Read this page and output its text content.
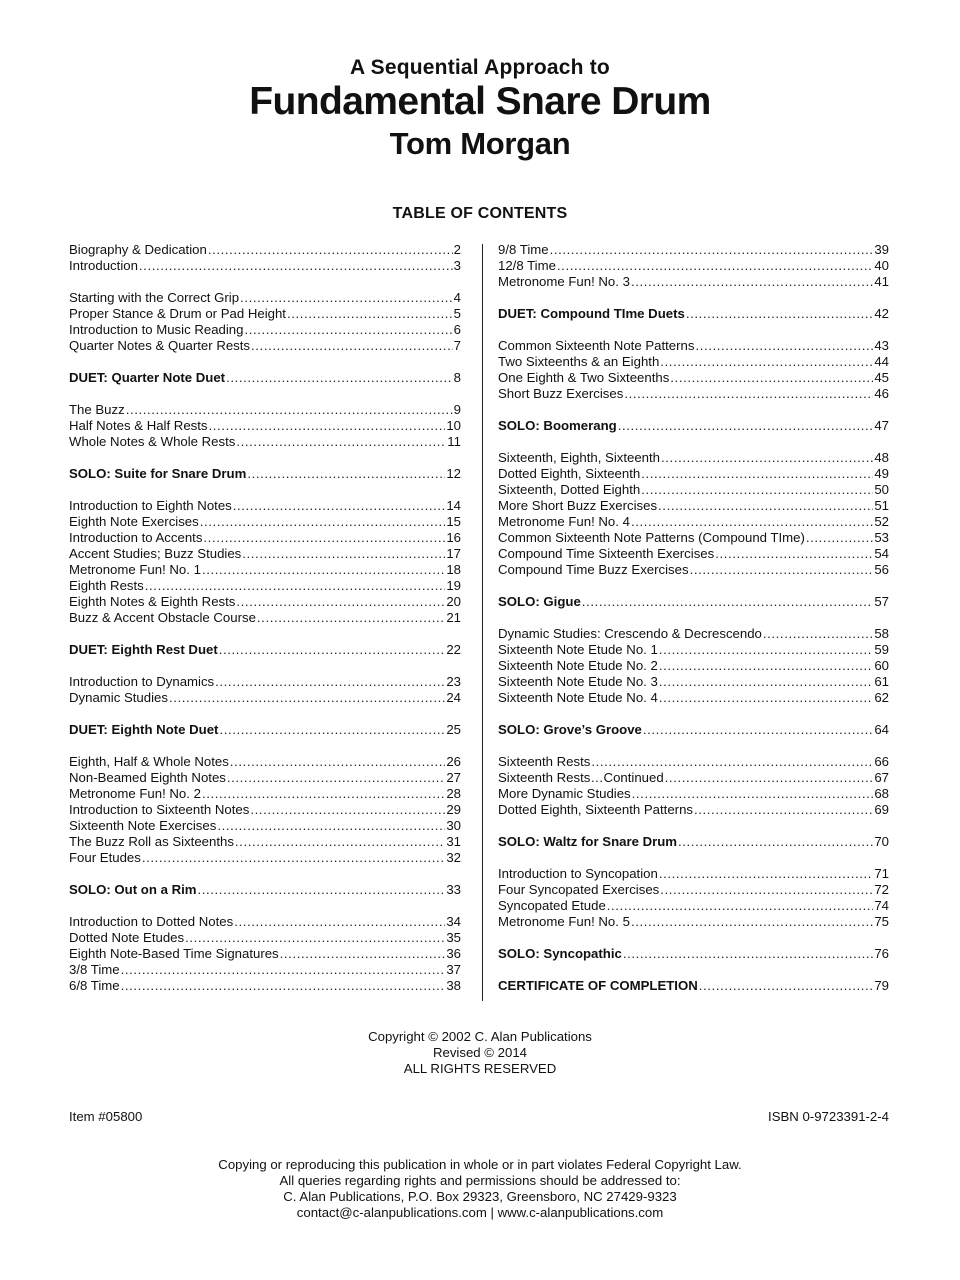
A Sequential Approach to
Fundamental Snare Drum
Tom Morgan
TABLE OF CONTENTS
Biography & Dedication .....	2
Introduction .....	3
Starting with the Correct Grip .....	4
Proper Stance & Drum or Pad Height .....	5
Introduction to Music Reading .....	6
Quarter Notes & Quarter Rests .....	7
DUET: Quarter Note Duet .....	8
The Buzz .....	9
Half Notes & Half Rests .....	10
Whole Notes & Whole Rests .....	11
SOLO: Suite for Snare Drum .....	12
Introduction to Eighth Notes .....	14
Eighth Note Exercises .....	15
Introduction to Accents .....	16
Accent Studies; Buzz Studies .....	17
Metronome Fun! No. 1 .....	18
Eighth Rests .....	19
Eighth Notes & Eighth Rests .....	20
Buzz & Accent Obstacle Course .....	21
DUET: Eighth Rest Duet .....	22
Introduction to Dynamics .....	23
Dynamic Studies .....	24
DUET: Eighth Note Duet .....	25
Eighth, Half & Whole Notes .....	26
Non-Beamed Eighth Notes .....	27
Metronome Fun! No. 2 .....	28
Introduction to Sixteenth Notes .....	29
Sixteenth Note Exercises .....	30
The Buzz Roll as Sixteenths .....	31
Four Etudes .....	32
SOLO: Out on a Rim .....	33
Introduction to Dotted Notes .....	34
Dotted Note Etudes .....	35
Eighth Note-Based Time Signatures .....	36
3/8 Time .....	37
6/8 Time .....	38
9/8 Time .....	39
12/8 Time .....	40
Metronome Fun! No. 3 .....	41
DUET: Compound TIme Duets .....	42
Common Sixteenth Note Patterns .....	43
Two Sixteenths & an Eighth .....	44
One Eighth & Two Sixteenths .....	45
Short Buzz Exercises .....	46
SOLO: Boomerang .....	47
Sixteenth, Eighth, Sixteenth .....	48
Dotted Eighth, Sixteenth .....	49
Sixteenth, Dotted Eighth .....	50
More Short Buzz Exercises .....	51
Metronome Fun! No. 4 .....	52
Common Sixteenth Note Patterns (Compound TIme) .....	53
Compound Time Sixteenth Exercises .....	54
Compound Time Buzz Exercises .....	56
SOLO: Gigue .....	57
Dynamic Studies: Crescendo & Decrescendo .....	58
Sixteenth Note Etude No. 1 .....	59
Sixteenth Note Etude No. 2 .....	60
Sixteenth Note Etude No. 3 .....	61
Sixteenth Note Etude No. 4 .....	62
SOLO: Grove’s Groove .....	64
Sixteenth Rests .....	66
Sixteenth Rests…Continued .....	67
More Dynamic Studies .....	68
Dotted Eighth, Sixteenth Patterns .....	69
SOLO: Waltz for Snare Drum .....	70
Introduction to Syncopation .....	71
Four Syncopated Exercises .....	72
Syncopated Etude .....	74
Metronome Fun! No. 5 .....	75
SOLO: Syncopathic .....	76
CERTIFICATE OF COMPLETION .....	79
Copyright © 2002 C. Alan Publications
Revised © 2014
ALL RIGHTS RESERVED
Item #05800	ISBN 0-9723391-2-4
Copying or reproducing this publication in whole or in part violates Federal Copyright Law.
All queries regarding rights and permissions should be addressed to:
C. Alan Publications, P.O. Box 29323, Greensboro, NC 27429-9323
contact@c-alanpublications.com | www.c-alanpublications.com
